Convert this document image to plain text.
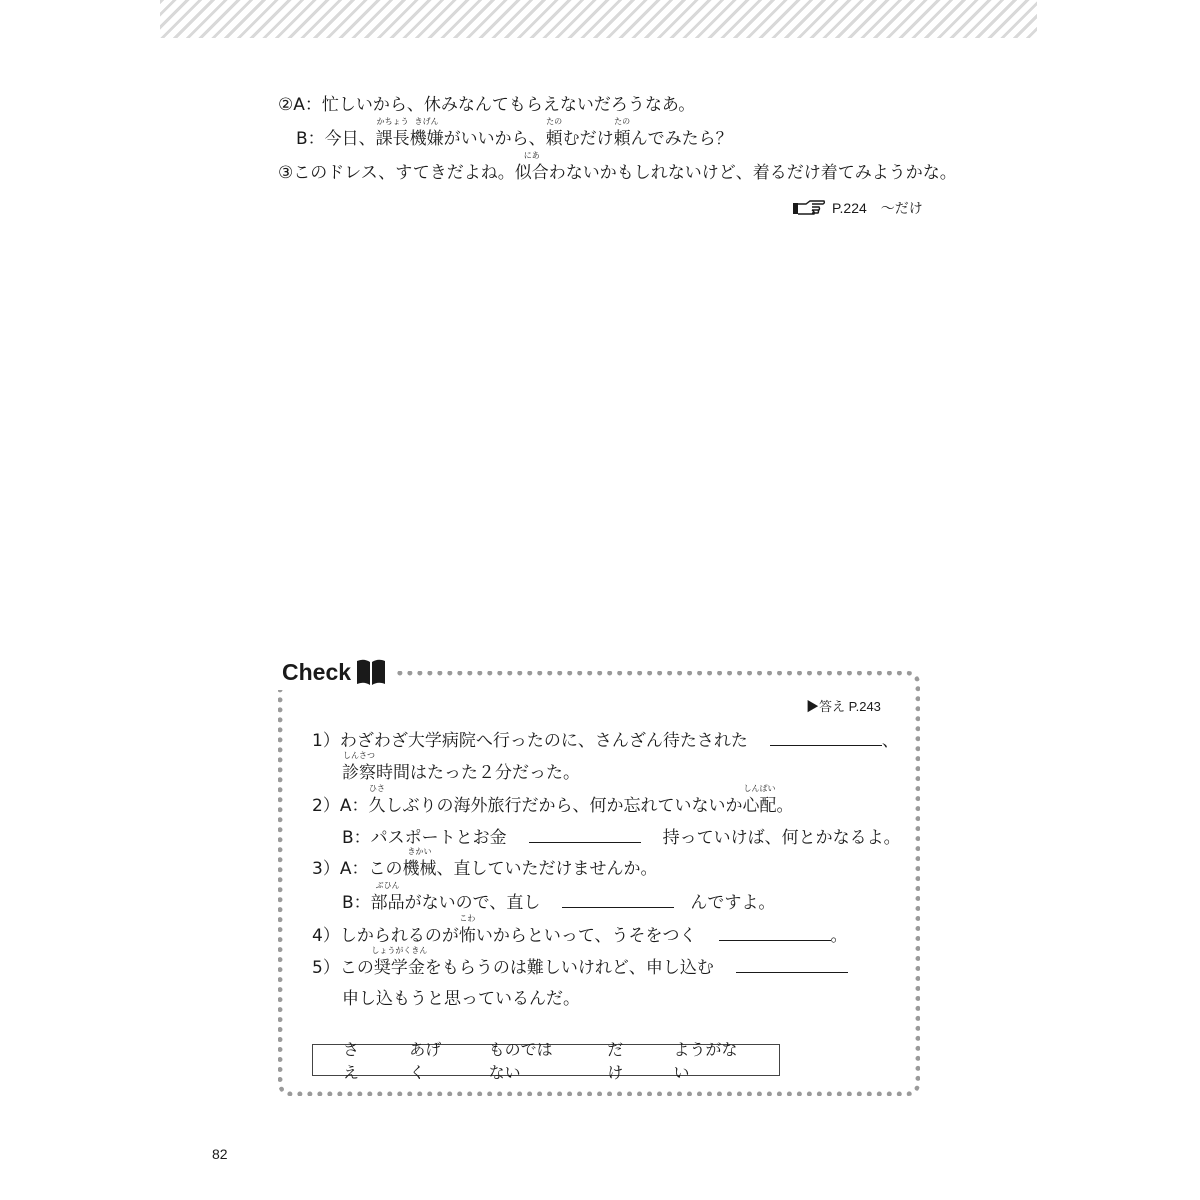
②A：忙しいから、休みなんてもらえないだろうなあ。
B：今日、
かちょう
課長
きげん
機嫌がいいから、
たの
頼むだけ
たの
頼んでみたら？
③このドレス、すてきだよね。
にあ
似合わないかもしれないけど、着るだけ着てみようかな。
P.224　～だけ
Check
▶答え P.243
1）わざわざ大学病院へ行ったのに、さんざん待たされた	、
しんさつ
診察時間はたった２分だった。
2）A：
ひさ
久しぶりの海外旅行だから、何か忘れていないか
しんぱい
心配。
B：パスポートとお金	持っていけば、何とかなるよ。
3）A：この
きかい
機械、直していただけませんか。
B：
ぶひん
部品がないので、直し	んですよ。
4）しかられるのが
こわ
怖いからといって、うそをつく	。
5）この
しょうがくきん
奨学金をもらうのは難しいけれど、申し込む
申し込もうと思っているんだ。
さえ
あげく
ものではない
だけ
ようがない
82
